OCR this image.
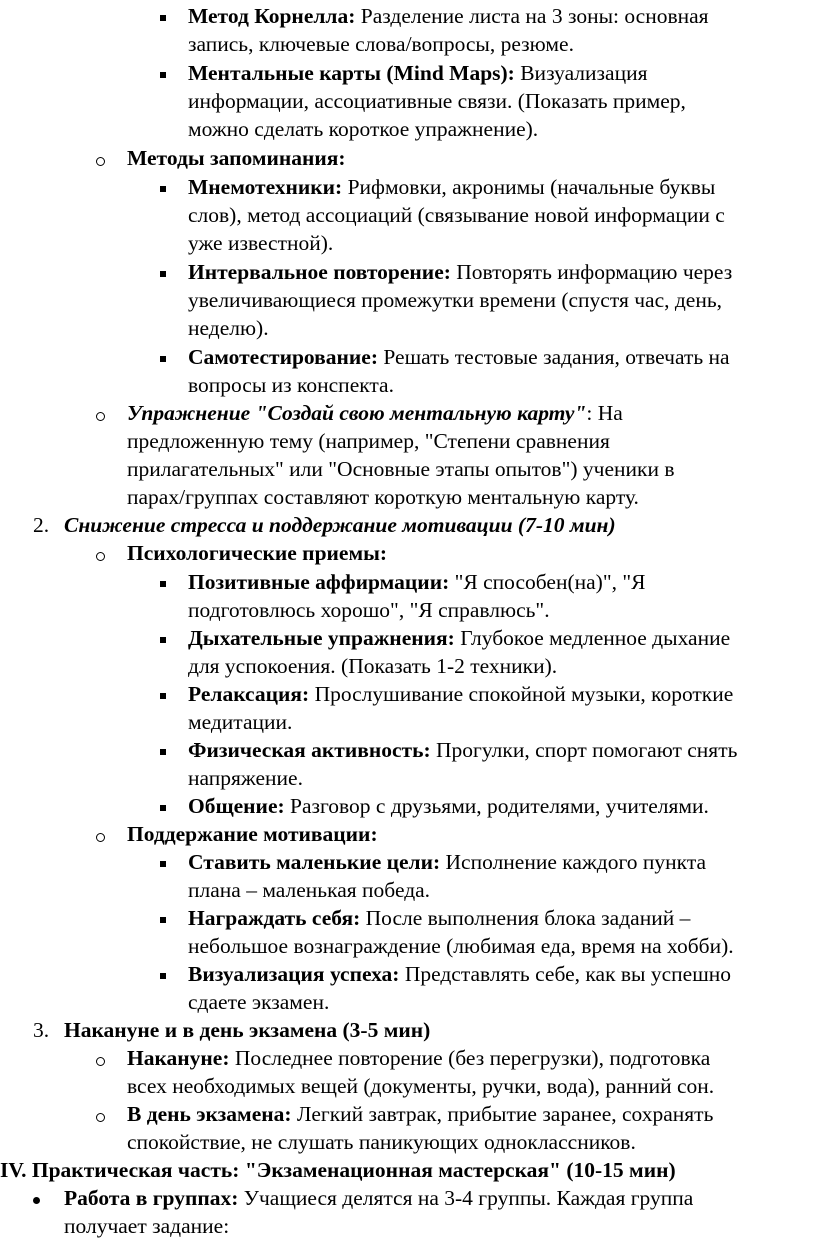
Метод Корнелла: Разделение листа на 3 зоны: основная
запись, ключевые слова/вопросы, резюме.
Ментальные карты (Mind Maps): Визуализация
информации, ассоциативные связи. (Показать пример,
можно сделать короткое упражнение).
Методы запоминания:
Мнемотехники: Рифмовки, акронимы (начальные буквы
слов), метод ассоциаций (связывание новой информации с
уже известной).
Интервальное повторение: Повторять информацию через
увеличивающиеся промежутки времени (спустя час, день,
неделю).
Самотестирование: Решать тестовые задания, отвечать на
вопросы из конспекта.
Упражнение "Создай свою ментальную карту": На
предложенную тему (например, "Степени сравнения
прилагательных" или "Основные этапы опытов") ученики в
парах/группах составляют короткую ментальную карту.
2. Снижение стресса и поддержание мотивации (7-10 мин)
Психологические приемы:
Позитивные аффирмации: "Я способен(на)", "Я
подготовлюсь хорошо", "Я справлюсь".
Дыхательные упражнения: Глубокое медленное дыхание
для успокоения. (Показать 1-2 техники).
Релаксация: Прослушивание спокойной музыки, короткие
медитации.
Физическая активность: Прогулки, спорт помогают снять
напряжение.
Общение: Разговор с друзьями, родителями, учителями.
Поддержание мотивации:
Ставить маленькие цели: Исполнение каждого пункта
плана – маленькая победа.
Награждать себя: После выполнения блока заданий –
небольшое вознаграждение (любимая еда, время на хобби).
Визуализация успеха: Представлять себе, как вы успешно
сдаете экзамен.
3. Накануне и в день экзамена (3-5 мин)
Накануне: Последнее повторение (без перегрузки), подготовка
всех необходимых вещей (документы, ручки, вода), ранний сон.
В день экзамена: Легкий завтрак, прибытие заранее, сохранять
спокойствие, не слушать паникующих одноклассников.
IV. Практическая часть: "Экзаменационная мастерская" (10-15 мин)
Работа в группах: Учащиеся делятся на 3-4 группы. Каждая группа
получает задание:
